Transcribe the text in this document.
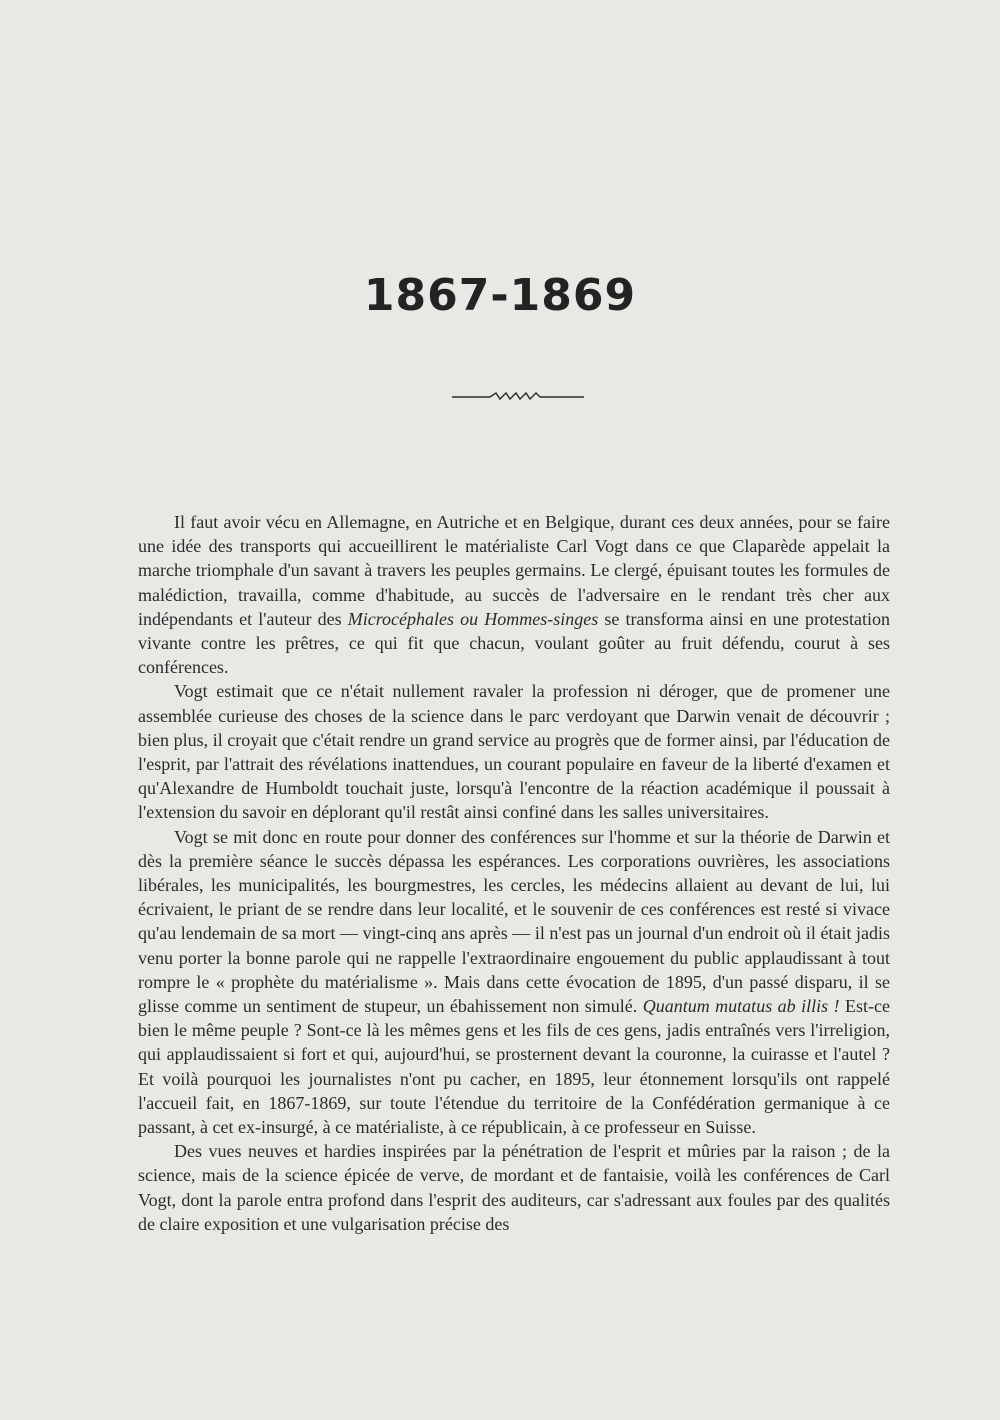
1867-1869

Il faut avoir vécu en Allemagne, en Autriche et en Belgique, durant ces deux années, pour se faire une idée des transports qui accueillirent le matérialiste Carl Vogt dans ce que Claparède appelait la marche triomphale d'un savant à travers les peuples germains. Le clergé, épuisant toutes les formules de malédiction, travailla, comme d'habitude, au succès de l'adversaire en le rendant très cher aux indépendants et l'auteur des Microcéphales ou Hommes-singes se transforma ainsi en une protestation vivante contre les prêtres, ce qui fit que chacun, voulant goûter au fruit défendu, courut à ses conférences.

Vogt estimait que ce n'était nullement ravaler la profession ni déroger, que de promener une assemblée curieuse des choses de la science dans le parc verdoyant que Darwin venait de découvrir ; bien plus, il croyait que c'était rendre un grand service au progrès que de former ainsi, par l'éducation de l'esprit, par l'attrait des révélations inattendues, un courant populaire en faveur de la liberté d'examen et qu'Alexandre de Humboldt touchait juste, lorsqu'à l'encontre de la réaction académique il poussait à l'extension du savoir en déplorant qu'il restât ainsi confiné dans les salles universitaires.

Vogt se mit donc en route pour donner des conférences sur l'homme et sur la théorie de Darwin et dès la première séance le succès dépassa les espérances. Les corporations ouvrières, les associations libérales, les municipalités, les bourgmestres, les cercles, les médecins allaient au devant de lui, lui écrivaient, le priant de se rendre dans leur localité, et le souvenir de ces conférences est resté si vivace qu'au lendemain de sa mort — vingt-cinq ans après — il n'est pas un journal d'un endroit où il était jadis venu porter la bonne parole qui ne rappelle l'extraordinaire engouement du public applaudissant à tout rompre le « prophète du matérialisme ». Mais dans cette évocation de 1895, d'un passé disparu, il se glisse comme un sentiment de stupeur, un ébahissement non simulé. Quantum mutatus ab illis ! Est-ce bien le même peuple ? Sont-ce là les mêmes gens et les fils de ces gens, jadis entraînés vers l'irreligion, qui applaudissaient si fort et qui, aujourd'hui, se prosternent devant la couronne, la cuirasse et l'autel ? Et voilà pourquoi les journalistes n'ont pu cacher, en 1895, leur étonnement lorsqu'ils ont rappelé l'accueil fait, en 1867-1869, sur toute l'étendue du territoire de la Confédération germanique à ce passant, à cet ex-insurgé, à ce matérialiste, à ce républicain, à ce professeur en Suisse.

Des vues neuves et hardies inspirées par la pénétration de l'esprit et mûries par la raison ; de la science, mais de la science épicée de verve, de mordant et de fantaisie, voilà les conférences de Carl Vogt, dont la parole entra profond dans l'esprit des auditeurs, car s'adressant aux foules par des qualités de claire exposition et une vulgarisation précise des
